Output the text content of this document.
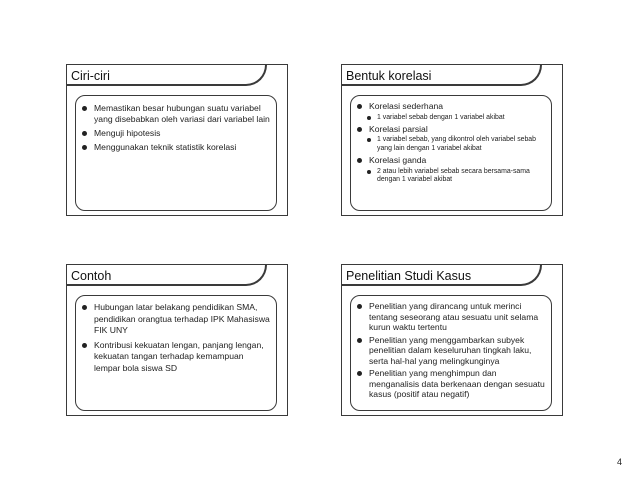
Ciri-ciri
Memastikan besar hubungan suatu variabel yang disebabkan oleh variasi dari variabel lain
Menguji hipotesis
Menggunakan teknik statistik korelasi
Bentuk korelasi
Korelasi sederhana
1 variabel sebab dengan 1 variabel akibat
Korelasi parsial
1 variabel sebab, yang dikontrol oleh variabel sebab yang lain dengan 1 variabel akibat
Korelasi ganda
2 atau lebih variabel sebab secara bersama-sama dengan 1 variabel akibat
Contoh
Hubungan latar belakang pendidikan SMA, pendidikan orangtua terhadap IPK Mahasiswa FIK UNY
Kontribusi kekuatan lengan, panjang lengan, kekuatan tangan terhadap kemampuan lempar bola siswa SD
Penelitian Studi Kasus
Penelitian yang dirancang untuk merinci tentang seseorang atau sesuatu unit selama kurun waktu tertentu
Penelitian yang menggambarkan subyek penelitian dalam keseluruhan tingkah laku, serta hal-hal yang melingkunginya
Penelitian yang menghimpun dan menganalisis data berkenaan dengan sesuatu kasus (positif atau negatif)
4
